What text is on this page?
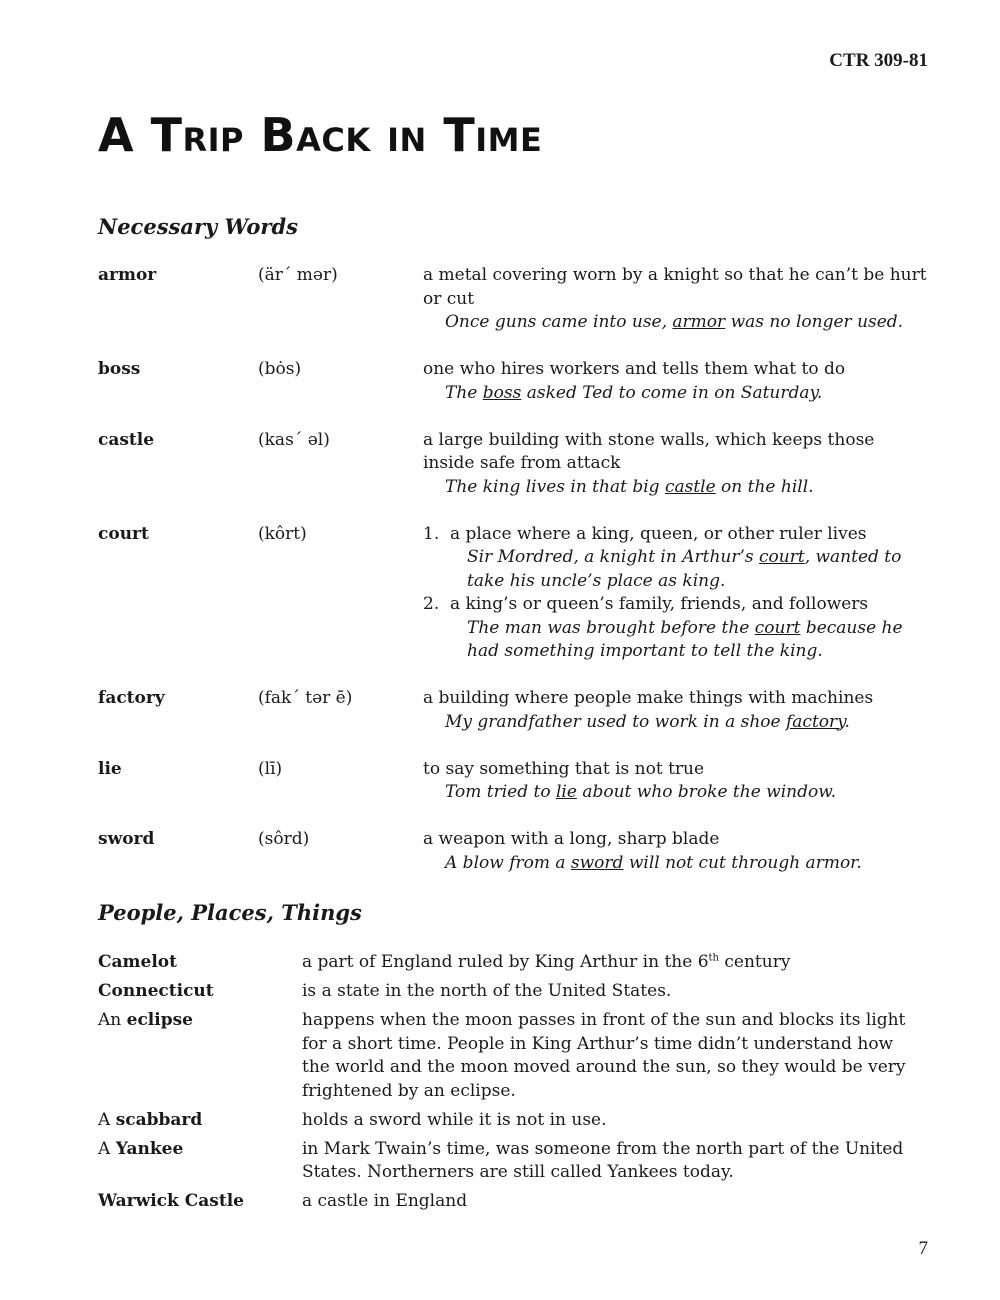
CTR 309-81
A Trip Back in Time
Necessary Words
armor	(är´ mər)	a metal covering worn by a knight so that he can’t be hurt or cut
Once guns came into use, armor was no longer used.
boss	(bȯs)	one who hires workers and tells them what to do
The boss asked Ted to come in on Saturday.
castle	(kas´ əl)	a large building with stone walls, which keeps those inside safe from attack
The king lives in that big castle on the hill.
court	(kôrt)	1. a place where a king, queen, or other ruler lives
Sir Mordred, a knight in Arthur’s court, wanted to take his uncle’s place as king.
2. a king’s or queen’s family, friends, and followers
The man was brought before the court because he had something important to tell the king.
factory	(fak´ tər ē)	a building where people make things with machines
My grandfather used to work in a shoe factory.
lie	(lī)	to say something that is not true
Tom tried to lie about who broke the window.
sword	(sôrd)	a weapon with a long, sharp blade
A blow from a sword will not cut through armor.
People, Places, Things
Camelot	a part of England ruled by King Arthur in the 6th century
Connecticut	is a state in the north of the United States.
An eclipse	happens when the moon passes in front of the sun and blocks its light for a short time. People in King Arthur’s time didn’t understand how the world and the moon moved around the sun, so they would be very frightened by an eclipse.
A scabbard	holds a sword while it is not in use.
A Yankee	in Mark Twain’s time, was someone from the north part of the United States. Northerners are still called Yankees today.
Warwick Castle	a castle in England
7
